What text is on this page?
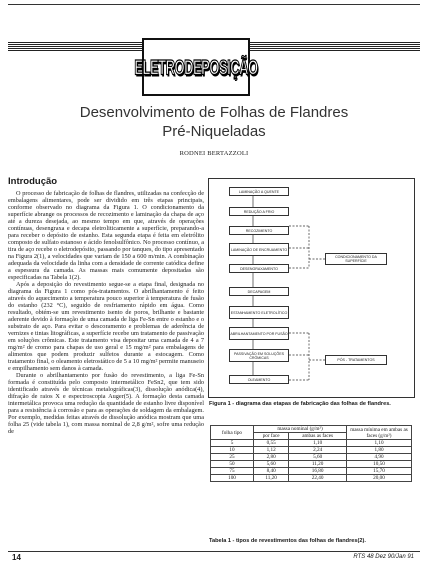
ELETRODEPOSIÇÃO
Desenvolvimento de Folhas de Flandres
Pré-Niqueladas
RODNEI BERTAZZOLI
Introdução

O processo de fabricação de folhas de flandres, utilizadas na confecção de embalagens alimentares, pode ser dividido em três etapas principais, conforme observado no diagrama da Figura 1. O condicionamento da superfície abrange os processos de recozimento e laminação da chapa de aço até a dureza desejada, ao mesmo tempo em que, através de operações contínuas, desengraxa e decapa eletroliticamente a superfície, preparando-a para receber o depósito de estanho. Esta segunda etapa é feita em eletrólito composto de sulfato estanoso e ácido fenolsulfônico. No processo contínuo, a tira de aço recebe o eletrodepósito, passando por tanques, do tipo apresentado na Figura 2(1), a velocidades que variam de 150 a 600 m/min. A combinação adequada da velocidade da linha com a densidade de corrente catódica define a espessura da camada. As massas mais comumente depositadas são especificadas na Tabela 1(2).

Após a deposição do revestimento segue-se a etapa final, designada no diagrama da Figura 1 como pós-tratamentos. O abrilhantamento é feito através do aquecimento a temperatura pouco superior à temperatura de fusão do estanho (232 °C), seguido de resfriamento rápido em água. Como resultado, obtém-se um revestimento isento de poros, brilhante e bastante aderente devido à formação de uma camada de liga Fe-Sn entre o estanho e o substrato de aço. Para evitar o descoramento e problemas de aderência de vernizes e tintas litográficas, a superfície recebe um tratamento de passivação em soluções crômicas. Este tratamento visa depositar uma camada de 4 a 7 mg/m² de cromo para chapas de uso geral e 15 mg/m² para embalagens de alimentos que podem produzir sulfetos durante a estocagem. Como tratamento final, o oleamento eletrostático de 5 a 10 mg/m² permite manuseio e empilhamento sem danos à camada.

Durante o abrilhantamento por fusão do revestimento, a liga Fe-Sn formada é constituída pelo composto intermetálico FeSn2, que tem sido identificado através de técnicas metalográficas(3), dissolução anódica(4), difração de raios X e espectroscopia Auger(5). A formação desta camada intermetálica provoca uma redução da quantidade de estanho livre disponível para a resistência à corrosão e para as operações de soldagem da embalagem. Por exemplo, medidas feitas através de dissolução anódica mostram que uma folha 25 (vide tabela 1), com massa nominal de 2,8 g/m², sofre uma redução de

LAMINAÇÃO A QUENTE
REDUÇÃO A FRIO
RECOZIMENTO
LAMINAÇÃO DE ENCRUAMENTO
DESENGRAXAMENTO
DECAPAGEM
ESTANHAMENTO ELETROLÍTICO
ABRILHANTAMENTO POR FUSÃO
PASSIVAÇÃO EM SOLUÇÕES CRÔMICAS
OLEAMENTO
CONDICIONAMENTO DA SUPERFÍCIE
PÓS - TRATAMENTOS
Figura 1 - diagrama das etapas de fabricação das folhas de flandres.
folha tipo	massa nominal (g/m²)		massa mínima em ambas as faces (g/m²)
	por face	ambas as faces	
5	0,55	1,10	1,10
10	1,12	2,24	1,80
25	2,80	5,60	4,90
50	5,60	11,20	10,50
75	8,40	16,80	15,70
100	11,20	22,40	20,00
Tabela 1 - tipos de revestimentos das folhas de flandres(2).
14	RTS 48 Dez 90/Jan 91
